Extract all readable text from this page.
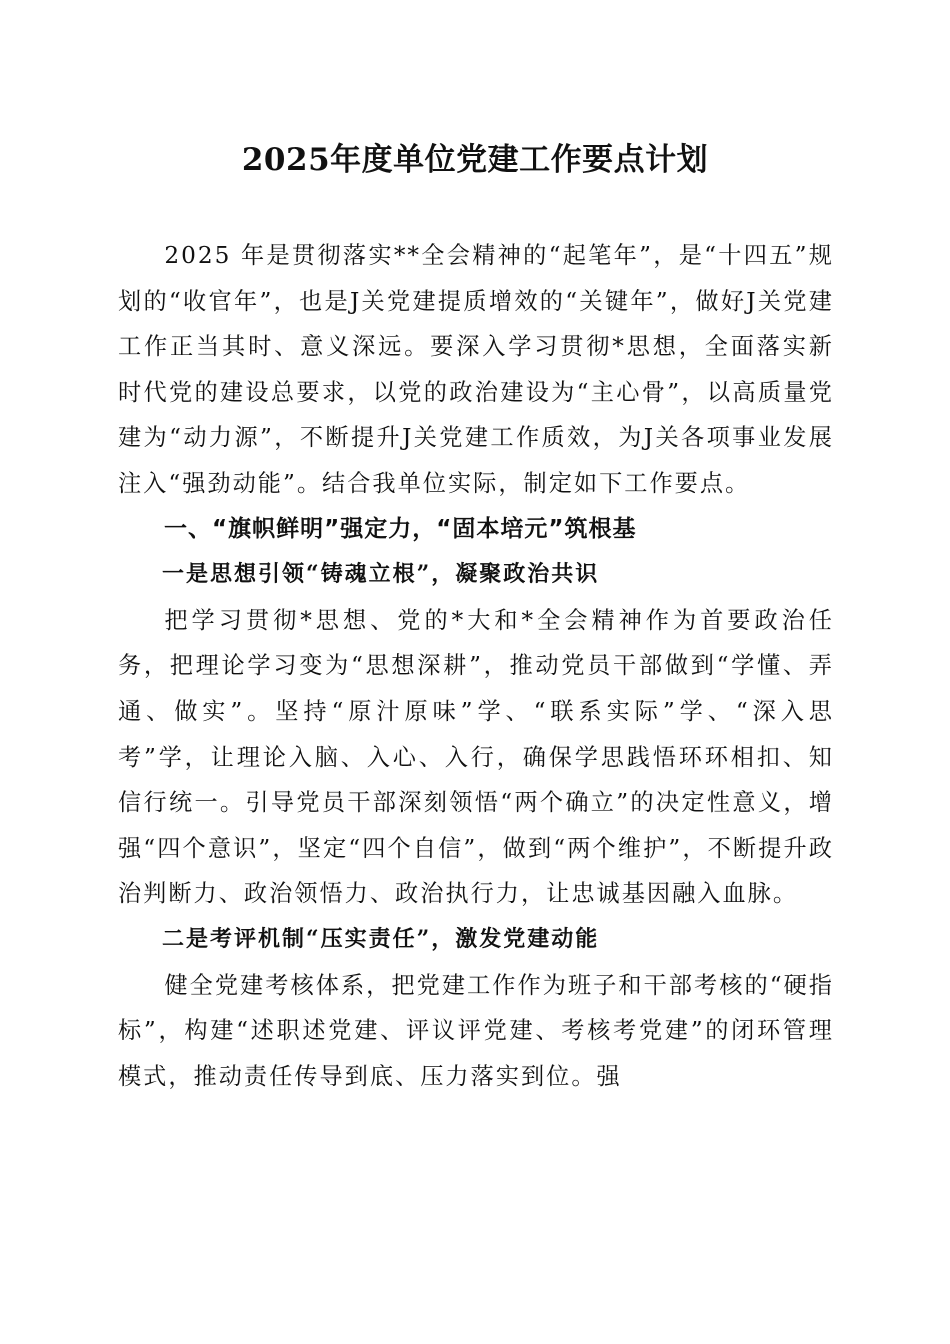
2025年度单位党建工作要点计划

2025 年是贯彻落实**全会精神的“起笔年”，是“十四五”规划的“收官年”，也是J关党建提质增效的“关键年”，做好J关党建工作正当其时、意义深远。要深入学习贯彻*思想，全面落实新时代党的建设总要求，以党的政治建设为“主心骨”，以高质量党建为“动力源”，不断提升J关党建工作质效，为J关各项事业发展注入“强劲动能”。结合我单位实际，制定如下工作要点。

一、“旗帜鲜明”强定力，“固本培元”筑根基

一是思想引领“铸魂立根”，凝聚政治共识

把学习贯彻*思想、党的*大和*全会精神作为首要政治任务，把理论学习变为“思想深耕”，推动党员干部做到“学懂、弄通、做实”。坚持“原汁原味”学、“联系实际”学、“深入思考”学，让理论入脑、入心、入行，确保学思践悟环环相扣、知信行统一。引导党员干部深刻领悟“两个确立”的决定性意义，增强“四个意识”，坚定“四个自信”，做到“两个维护”，不断提升政治判断力、政治领悟力、政治执行力，让忠诚基因融入血脉。

二是考评机制“压实责任”，激发党建动能

健全党建考核体系，把党建工作作为班子和干部考核的“硬指标”，构建“述职述党建、评议评党建、考核考党建”的闭环管理模式，推动责任传导到底、压力落实到位。强
